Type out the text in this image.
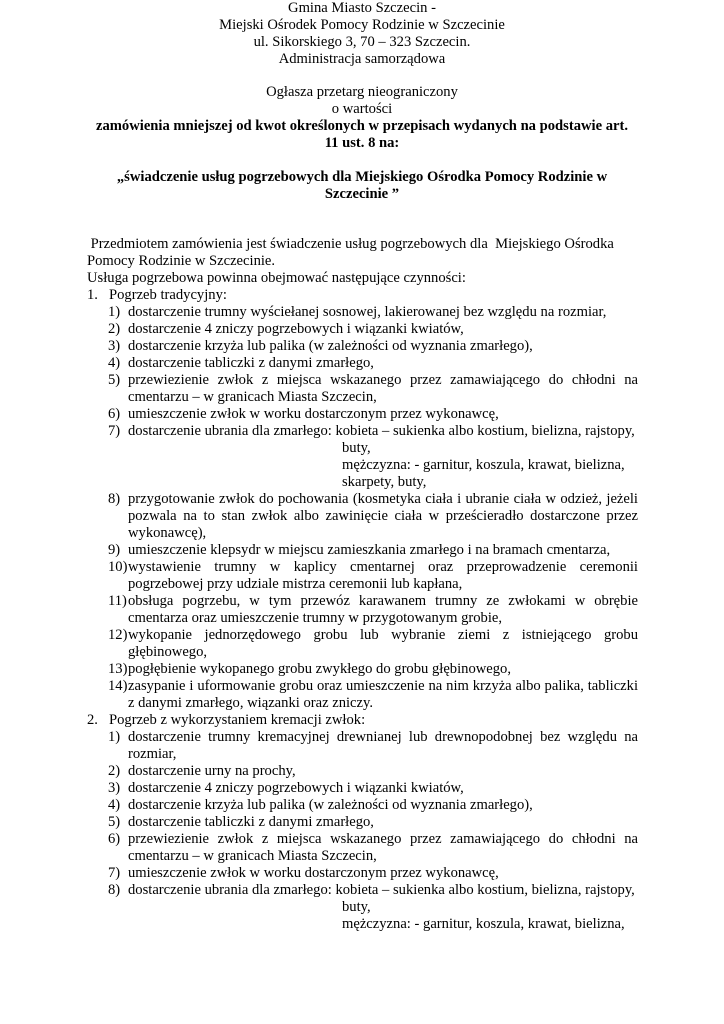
Gmina Miasto Szczecin -
Miejski Ośrodek Pomocy Rodzinie w Szczecinie
ul. Sikorskiego 3, 70 – 323 Szczecin.
Administracja samorządowa
Ogłasza przetarg nieograniczony
o wartości
zamówienia mniejszej od kwot określonych w przepisach wydanych na podstawie art.
11 ust. 8 na:
„świadczenie usług pogrzebowych dla Miejskiego Ośrodka Pomocy Rodzinie w
Szczecinie ”
Przedmiotem zamówienia jest świadczenie usług pogrzebowych dla  Miejskiego Ośrodka
Pomocy Rodzinie w Szczecinie.
Usługa pogrzebowa powinna obejmować następujące czynności:
1. Pogrzeb tradycyjny:
1) dostarczenie trumny wyściełanej sosnowej, lakierowanej bez względu na rozmiar,
2) dostarczenie 4 zniczy pogrzebowych i wiązanki kwiatów,
3) dostarczenie krzyża lub palika (w zależności od wyznania zmarłego),
4) dostarczenie tabliczki z danymi zmarłego,
5) przewiezienie zwłok z miejsca wskazanego przez zamawiającego do chłodni na cmentarzu – w granicach Miasta Szczecin,
6) umieszczenie zwłok w worku dostarczonym przez wykonawcę,
7) dostarczenie ubrania dla zmarłego: kobieta – sukienka albo kostium, bielizna, rajstopy,
buty,
mężczyzna: - garnitur, koszula, krawat, bielizna,
skarpety, buty,
8) przygotowanie zwłok do pochowania (kosmetyka ciała i ubranie ciała w odzież, jeżeli pozwala na to stan zwłok albo zawinięcie ciała w prześcieradło dostarczone przez wykonawcę),
9) umieszczenie klepsydr w miejscu zamieszkania zmarłego i na bramach cmentarza,
10) wystawienie trumny w kaplicy cmentarnej oraz przeprowadzenie ceremonii pogrzebowej przy udziale mistrza ceremonii lub kapłana,
11) obsługa pogrzebu, w tym przewóz karawanem trumny ze zwłokami w obrębie cmentarza oraz umieszczenie trumny w przygotowanym grobie,
12) wykopanie jednorzędowego grobu lub wybranie ziemi z istniejącego grobu głębinowego,
13) pogłębienie wykopanego grobu zwykłego do grobu głębinowego,
14) zasypanie i uformowanie grobu oraz umieszczenie na nim krzyża albo palika, tabliczki z danymi zmarłego, wiązanki oraz zniczy.
2. Pogrzeb z wykorzystaniem kremacji zwłok:
1) dostarczenie trumny kremacyjnej drewnianej lub drewnopodobnej bez względu na rozmiar,
2) dostarczenie urny na prochy,
3) dostarczenie 4 zniczy pogrzebowych i wiązanki kwiatów,
4) dostarczenie krzyża lub palika (w zależności od wyznania zmarłego),
5) dostarczenie tabliczki z danymi zmarłego,
6) przewiezienie zwłok z miejsca wskazanego przez zamawiającego do chłodni na cmentarzu – w granicach Miasta Szczecin,
7) umieszczenie zwłok w worku dostarczonym przez wykonawcę,
8) dostarczenie ubrania dla zmarłego: kobieta – sukienka albo kostium, bielizna, rajstopy,
buty,
mężczyzna: - garnitur, koszula, krawat, bielizna,
